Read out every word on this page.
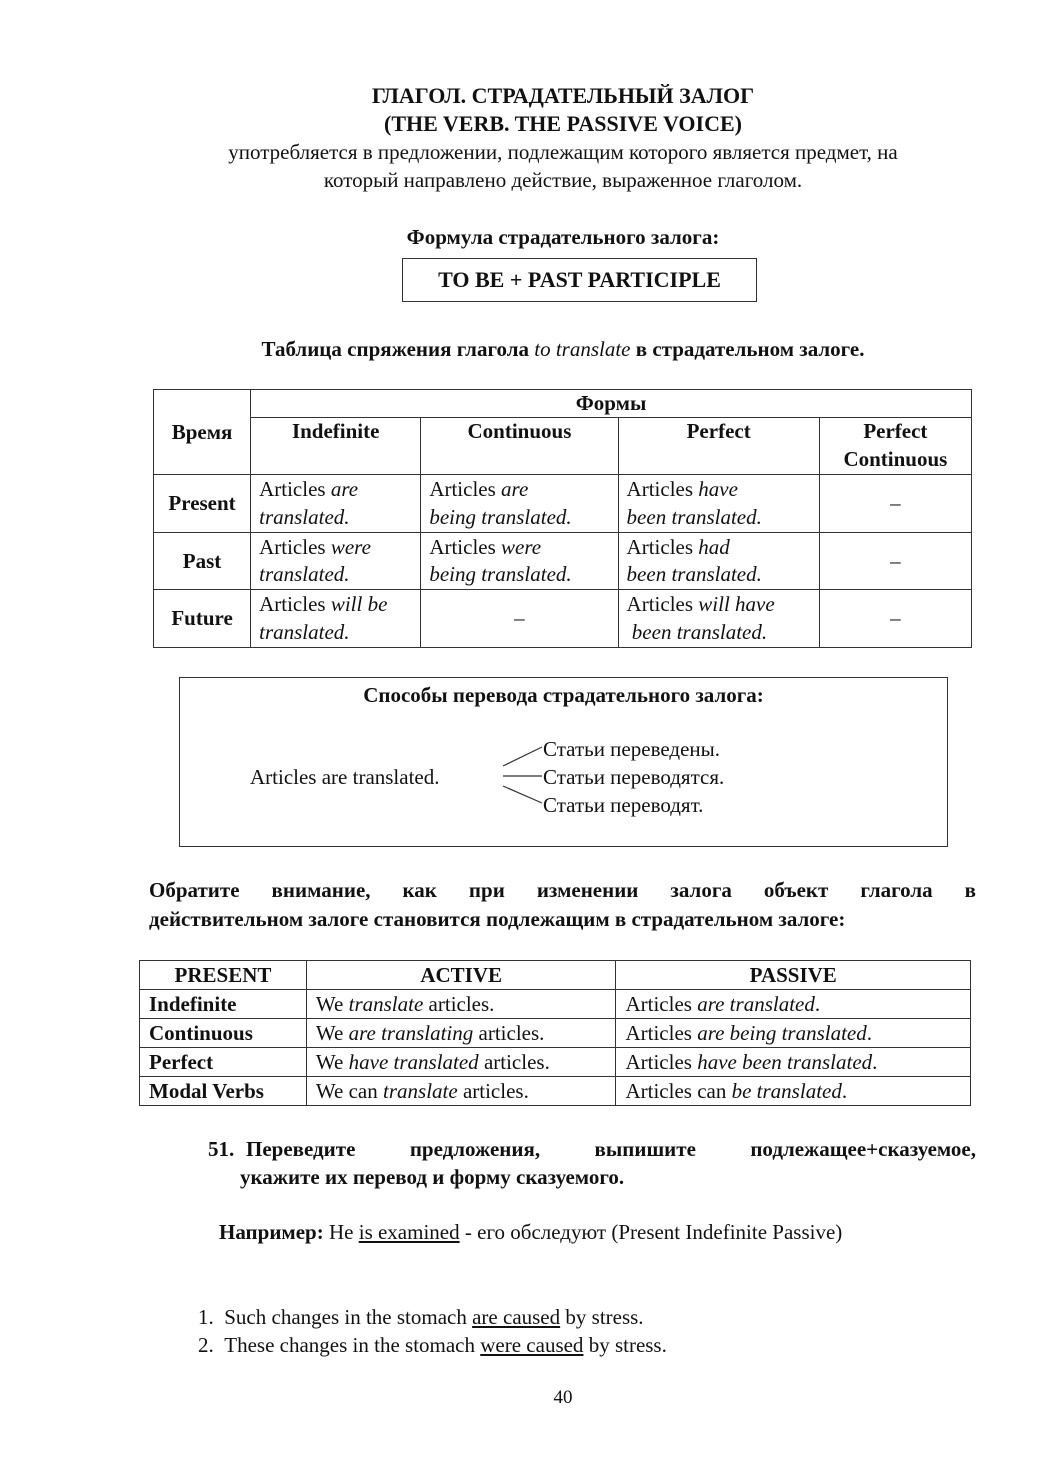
ГЛАГОЛ. СТРАДАТЕЛЬНЫЙ ЗАЛОГ
(THE VERB. THE PASSIVE VOICE)
употребляется в предложении, подлежащим которого является предмет, на
который направлено действие, выраженное глаголом.
Формула страдательного залога:
TO BE + PAST PARTICIPLE
Таблица спряжения глагола to translate в страдательном залоге.
Время	Формы			
	Indefinite	Continuous	Perfect	Perfect Continuous
Present	Articles are
translated.	Articles are
being translated.	Articles have
been translated.	–
Past	Articles were
translated.	Articles were
being translated.	Articles had
been translated.	–
Future	Articles will be
translated.	–	Articles will have
been translated.	–
Способы перевода страдательного залога:
Articles are translated.
Статьи переведены.
Статьи переводятся.
Статьи переводят.
Обратите внимание, как при изменении залога объект глагола в
действительном залоге становится подлежащим в страдательном залоге:
PRESENT	ACTIVE	PASSIVE
Indefinite	We translate articles.	Articles are translated.
Continuous	We are translating articles.	Articles are being translated.
Perfect	We have translated articles.	Articles have been translated.
Modal Verbs	We can translate articles.	Articles can be translated.
51. Переведите предложения, выпишите подлежащее+сказуемое,
укажите их перевод и форму сказуемого.
Например: He is examined - его обследуют (Present Indefinite Passive)
1. Such changes in the stomach are caused by stress.
2. These changes in the stomach were caused by stress.
40
